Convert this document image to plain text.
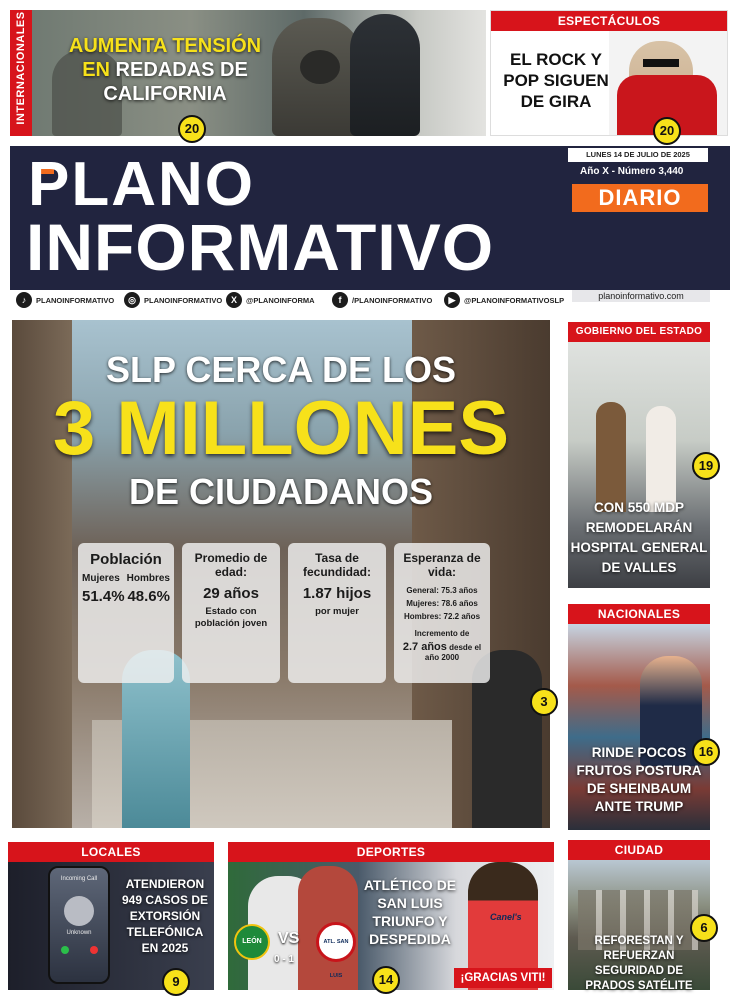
INTERNACIONALES	AUMENTA TENSIÓN
EN REDADAS DE CALIFORNIA
20
ESPECTÁCULOS
EL ROCK Y POP SIGUEN DE GIRA
20
LUNES 14 DE JULIO DE 2025
Año X - Número 3,440
DIARIO
PLANO
INFORMATIVO
♪	PLANOINFORMATIVO	◎	PLANOINFORMATIVO X	@PLANOINFORMA	f	/PLANOINFORMATIVO	▶	@PLANOINFORMATIVOSLP	planoinformativo.com
SLP CERCA DE LOS
3 MILLONES
DE CIUDADANOS
Población
Mujeres Hombres
51.4% 48.6%
Promedio de edad:
29 años
Estado con población joven
Tasa de fecundidad:
1.87 hijos
por mujer
Esperanza de vida:
General: 75.3 años
Mujeres: 78.6 años
Hombres: 72.2 años
Incremento de
2.7 años desde el año 2000
3
GOBIERNO DEL ESTADO
CON 550 MDP REMODELARÁN HOSPITAL GENERAL DE VALLES
19
NACIONALES
RINDE POCOS FRUTOS POSTURA DE SHEINBAUM ANTE TRUMP
16
LOCALES
Incoming Call
Unknown
ATENDIERON 949 CASOS DE EXTORSIÓN TELEFÓNICA EN 2025
9
DEPORTES
LEÓN	VS
0 - 1
ATL. SAN LUIS
Canel's
ATLÉTICO DE SAN LUIS TRIUNFO Y DESPEDIDA
¡GRACIAS VITI!
14
CIUDAD
REFORESTAN Y REFUERZAN SEGURIDAD DE PRADOS SATÉLITE
6
